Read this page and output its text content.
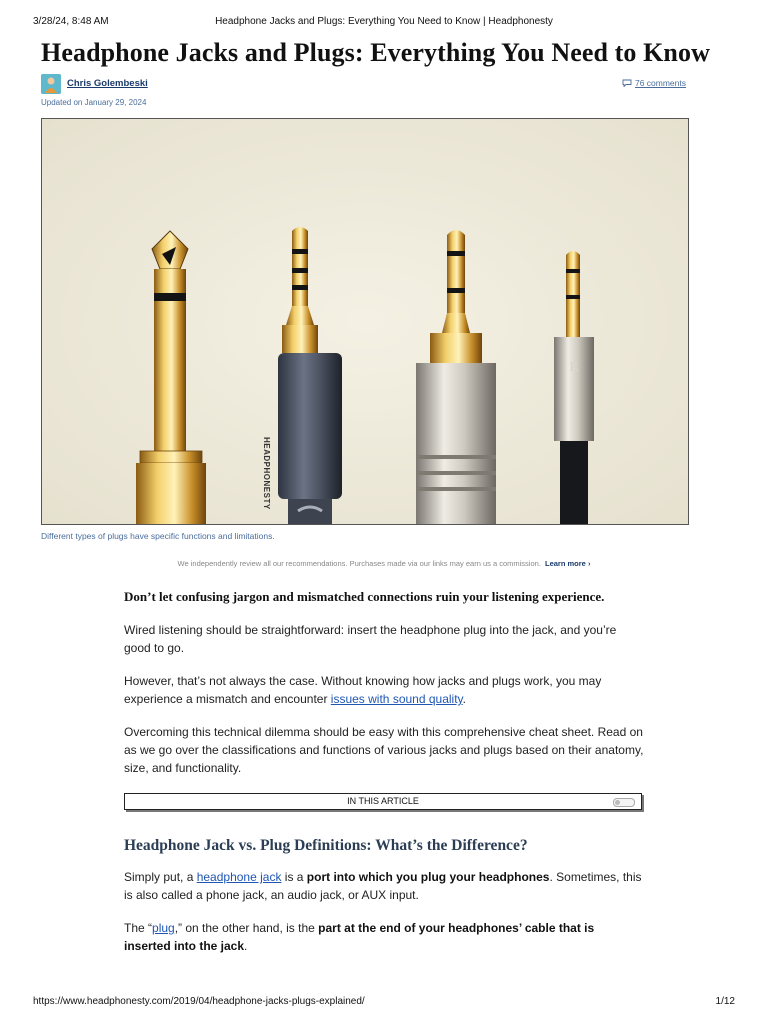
3/28/24, 8:48 AM	Headphone Jacks and Plugs: Everything You Need to Know | Headphonesty
Headphone Jacks and Plugs: Everything You Need to Know
Chris Golembeski	76 comments
Updated on January 29, 2024
R
HEADPHONESTY
Different types of plugs have specific functions and limitations.
We independently review all our recommendations. Purchases made via our links may earn us a commission. Learn more ›
Don’t let confusing jargon and mismatched connections ruin your listening experience.
Wired listening should be straightforward: insert the headphone plug into the jack, and you’re good to go.
However, that’s not always the case. Without knowing how jacks and plugs work, you may experience a mismatch and encounter issues with sound quality.
Overcoming this technical dilemma should be easy with this comprehensive cheat sheet. Read on as we go over the classifications and functions of various jacks and plugs based on their anatomy, size, and functionality.
IN THIS ARTICLE
Headphone Jack vs. Plug Definitions: What’s the Difference?
Simply put, a headphone jack is a port into which you plug your headphones. Sometimes, this is also called a phone jack, an audio jack, or AUX input.
The “plug,” on the other hand, is the part at the end of your headphones’ cable that is inserted into the jack.
https://www.headphonesty.com/2019/04/headphone-jacks-plugs-explained/	1/12
